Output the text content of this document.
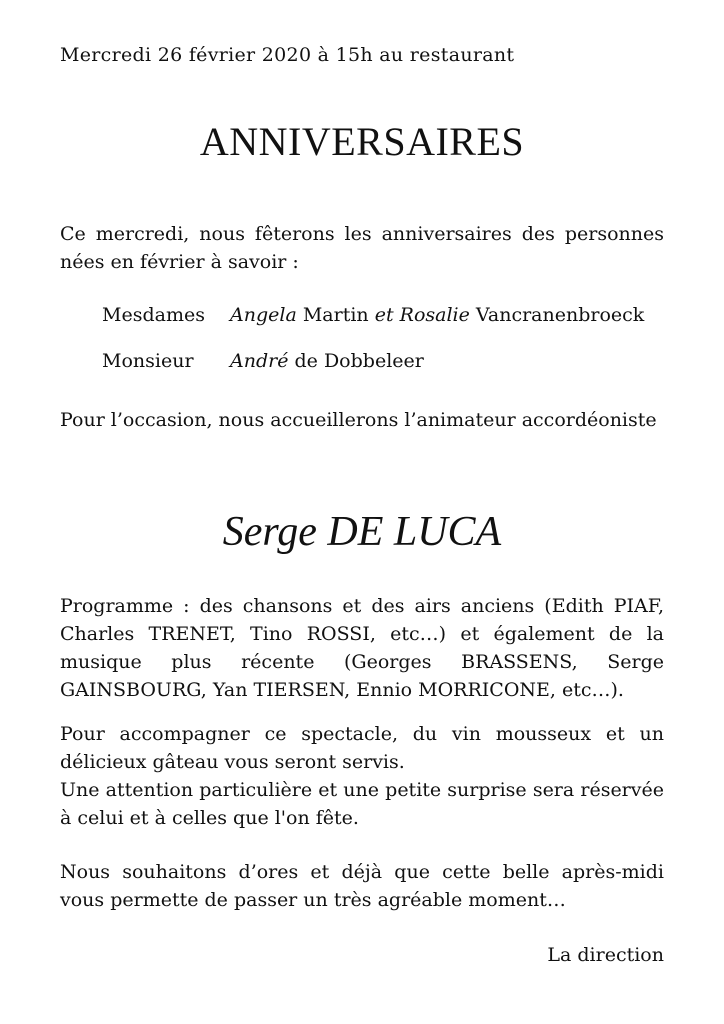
Mercredi 26 février 2020 à 15h au restaurant
ANNIVERSAIRES
Ce mercredi, nous fêterons les anniversaires des personnes nées en février à savoir :
Mesdames Angela Martin et Rosalie Vancranenbroeck
Monsieur André de Dobbeleer
Pour l’occasion, nous accueillerons l’animateur accordéoniste
Serge DE LUCA
Programme : des chansons et des airs anciens (Edith PIAF, Charles TRENET, Tino ROSSI, etc…) et également de la musique plus récente (Georges BRASSENS, Serge GAINSBOURG, Yan TIERSEN, Ennio MORRICONE, etc…).
Pour accompagner ce spectacle, du vin mousseux et un délicieux gâteau vous seront servis.
Une attention particulière et une petite surprise sera réservée à celui et à celles que l'on fête.
Nous souhaitons d’ores et déjà que cette belle après-midi vous permette de passer un très agréable moment…
La direction
